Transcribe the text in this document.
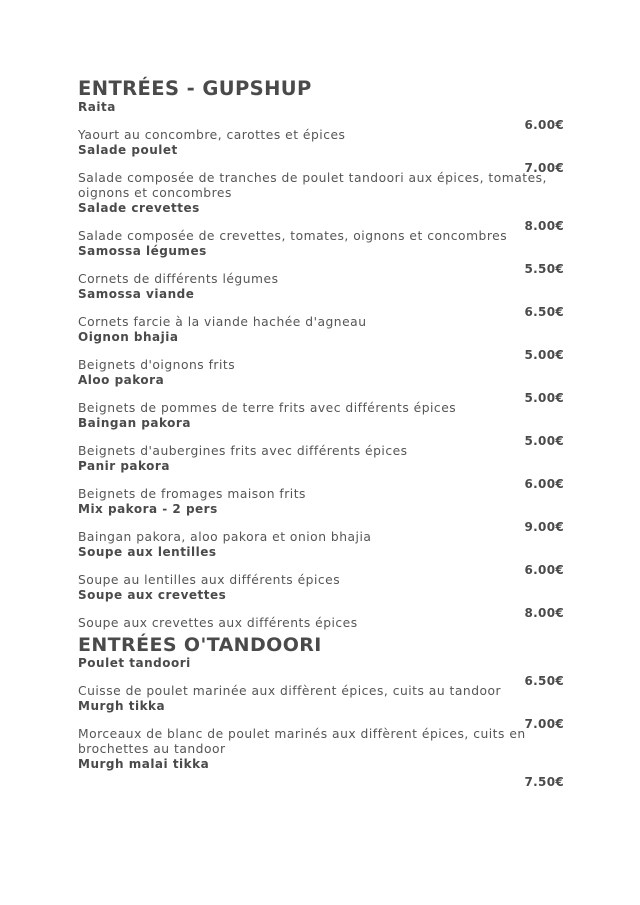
ENTRÉES - GUPSHUP
Raita
6.00€
Yaourt au concombre, carottes et épices
Salade poulet
7.00€
Salade composée de tranches de poulet tandoori aux épices, tomates, oignons et concombres
Salade crevettes
8.00€
Salade composée de crevettes, tomates, oignons et concombres
Samossa légumes
5.50€
Cornets de différents légumes
Samossa viande
6.50€
Cornets farcie à la viande hachée d'agneau
Oignon bhajia
5.00€
Beignets d'oignons frits
Aloo pakora
5.00€
Beignets de pommes de terre frits avec différents épices
Baingan pakora
5.00€
Beignets d'aubergines frits avec différents épices
Panir pakora
6.00€
Beignets de fromages maison frits
Mix pakora - 2 pers
9.00€
Baingan pakora, aloo pakora et onion bhajia
Soupe aux lentilles
6.00€
Soupe au lentilles aux différents épices
Soupe aux crevettes
8.00€
Soupe aux crevettes aux différents épices
ENTRÉES O'TANDOORI
Poulet tandoori
6.50€
Cuisse de poulet marinée aux diffèrent épices, cuits au tandoor
Murgh tikka
7.00€
Morceaux de blanc de poulet marinés aux diffèrent épices, cuits en brochettes au tandoor
Murgh malai tikka
7.50€
